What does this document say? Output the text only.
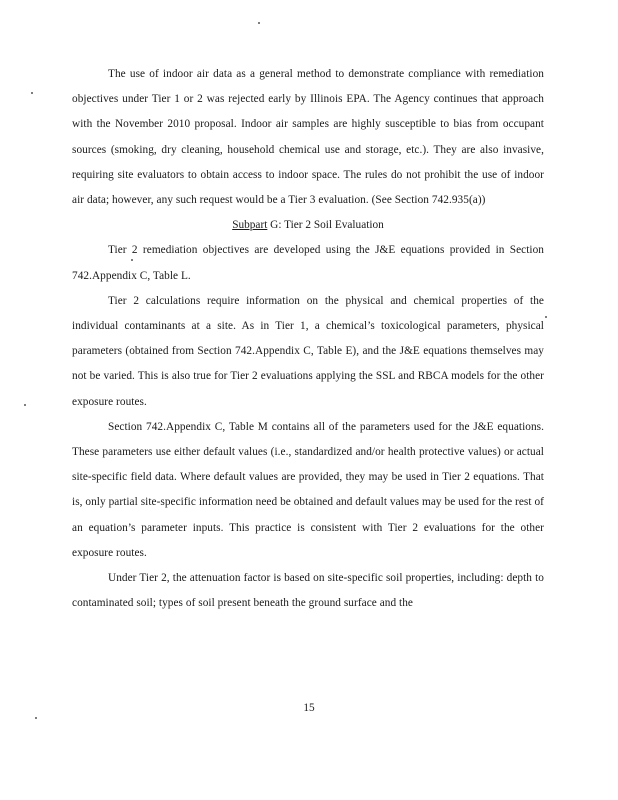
The use of indoor air data as a general method to demonstrate compliance with remediation objectives under Tier 1 or 2 was rejected early by Illinois EPA. The Agency continues that approach with the November 2010 proposal. Indoor air samples are highly susceptible to bias from occupant sources (smoking, dry cleaning, household chemical use and storage, etc.). They are also invasive, requiring site evaluators to obtain access to indoor space. The rules do not prohibit the use of indoor air data; however, any such request would be a Tier 3 evaluation. (See Section 742.935(a))

Subpart G: Tier 2 Soil Evaluation

Tier 2 remediation objectives are developed using the J&E equations provided in Section 742.Appendix C, Table L.

Tier 2 calculations require information on the physical and chemical properties of the individual contaminants at a site. As in Tier 1, a chemical’s toxicological parameters, physical parameters (obtained from Section 742.Appendix C, Table E), and the J&E equations themselves may not be varied. This is also true for Tier 2 evaluations applying the SSL and RBCA models for the other exposure routes.

Section 742.Appendix C, Table M contains all of the parameters used for the J&E equations. These parameters use either default values (i.e., standardized and/or health protective values) or actual site-specific field data. Where default values are provided, they may be used in Tier 2 equations. That is, only partial site-specific information need be obtained and default values may be used for the rest of an equation’s parameter inputs. This practice is consistent with Tier 2 evaluations for the other exposure routes.

Under Tier 2, the attenuation factor is based on site-specific soil properties, including: depth to contaminated soil; types of soil present beneath the ground surface and the

15
